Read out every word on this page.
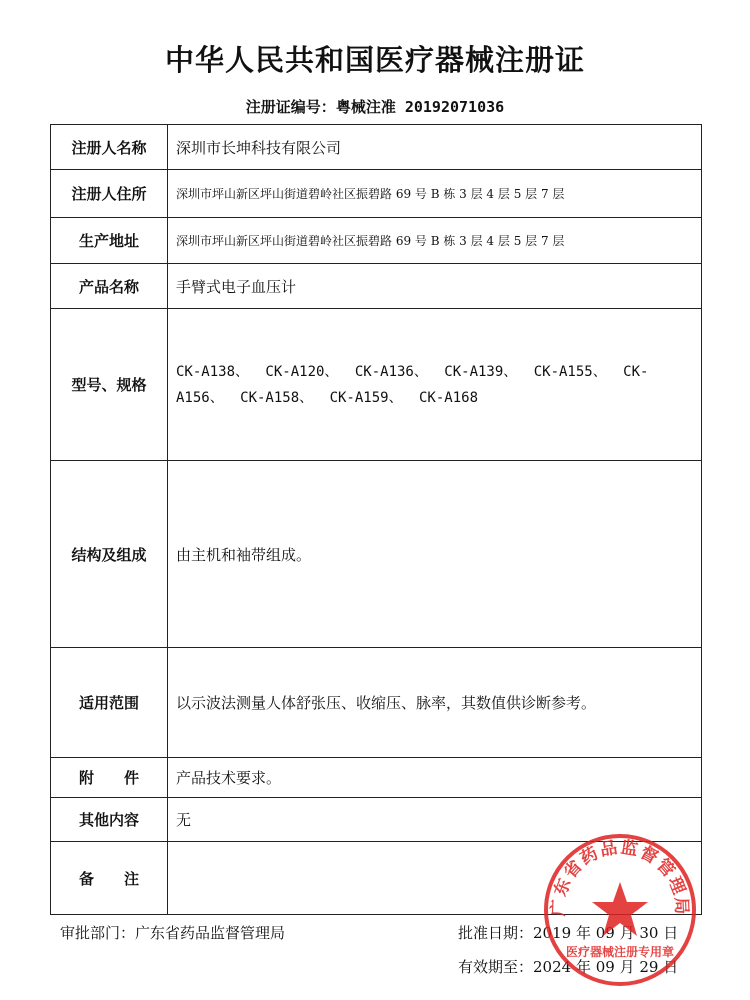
中华人民共和国医疗器械注册证
注册证编号：粤械注准 20192071036
注册人名称	深圳市长坤科技有限公司
注册人住所	深圳市坪山新区坪山街道碧岭社区振碧路 69 号 B 栋 3 层 4 层 5 层 7 层
生产地址	深圳市坪山新区坪山街道碧岭社区振碧路 69 号 B 栋 3 层 4 层 5 层 7 层
产品名称	手臂式电子血压计
型号、规格	CK-A138、 CK-A120、 CK-A136、 CK-A139、 CK-A155、 CK-A156、 CK-A158、 CK-A159、 CK-A168
结构及组成	由主机和袖带组成。
适用范围	以示波法测量人体舒张压、收缩压、脉率，其数值供诊断参考。
附　　件	产品技术要求。
其他内容	无
备　　注	
审批部门：广东省药品监督管理局	批准日期：2019 年 09 月 30 日
有效期至：2024 年 09 月 29 日
广东省药品监督管理局
医疗器械注册专用章
